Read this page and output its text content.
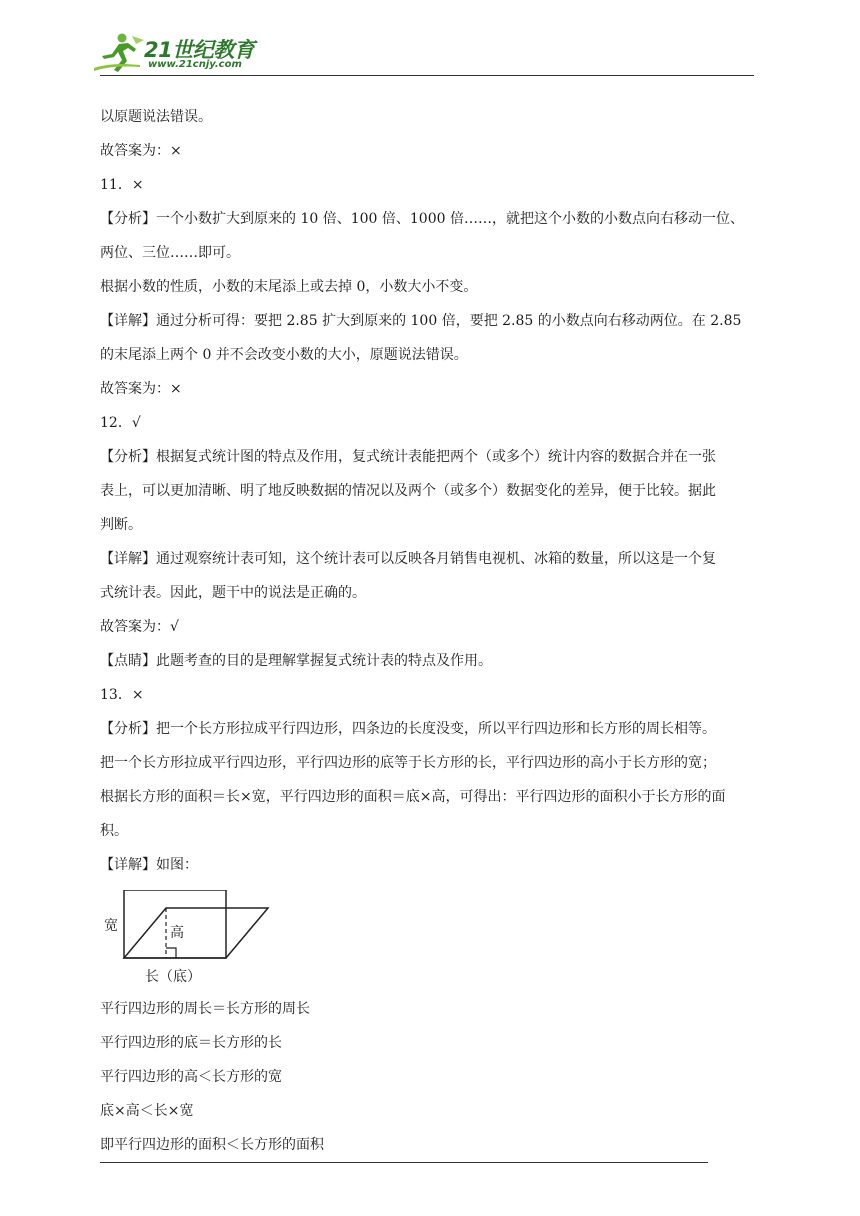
21世纪教育
www.21cnjy.com
以原题说法错误。
故答案为：×
11．×
【分析】一个小数扩大到原来的 10 倍、100 倍、1000 倍……，就把这个小数的小数点向右移动一位、
两位、三位……即可。
根据小数的性质，小数的末尾添上或去掉 0，小数大小不变。
【详解】通过分析可得：要把 2.85 扩大到原来的 100 倍，要把 2.85 的小数点向右移动两位。在 2.85
的末尾添上两个 0 并不会改变小数的大小，原题说法错误。
故答案为：×
12．√
【分析】根据复式统计图的特点及作用，复式统计表能把两个（或多个）统计内容的数据合并在一张
表上，可以更加清晰、明了地反映数据的情况以及两个（或多个）数据变化的差异，便于比较。据此
判断。
【详解】通过观察统计表可知，这个统计表可以反映各月销售电视机、冰箱的数量，所以这是一个复
式统计表。因此，题干中的说法是正确的。
故答案为：√
【点睛】此题考查的目的是理解掌握复式统计表的特点及作用。
13．×
【分析】把一个长方形拉成平行四边形，四条边的长度没变，所以平行四边形和长方形的周长相等。
把一个长方形拉成平行四边形，平行四边形的底等于长方形的长，平行四边形的高小于长方形的宽；
根据长方形的面积＝长×宽，平行四边形的面积＝底×高，可得出：平行四边形的面积小于长方形的面
积。
【详解】如图：
宽	高
长（底）
平行四边形的周长＝长方形的周长
平行四边形的底＝长方形的长
平行四边形的高＜长方形的宽
底×高＜长×宽
即平行四边形的面积＜长方形的面积
